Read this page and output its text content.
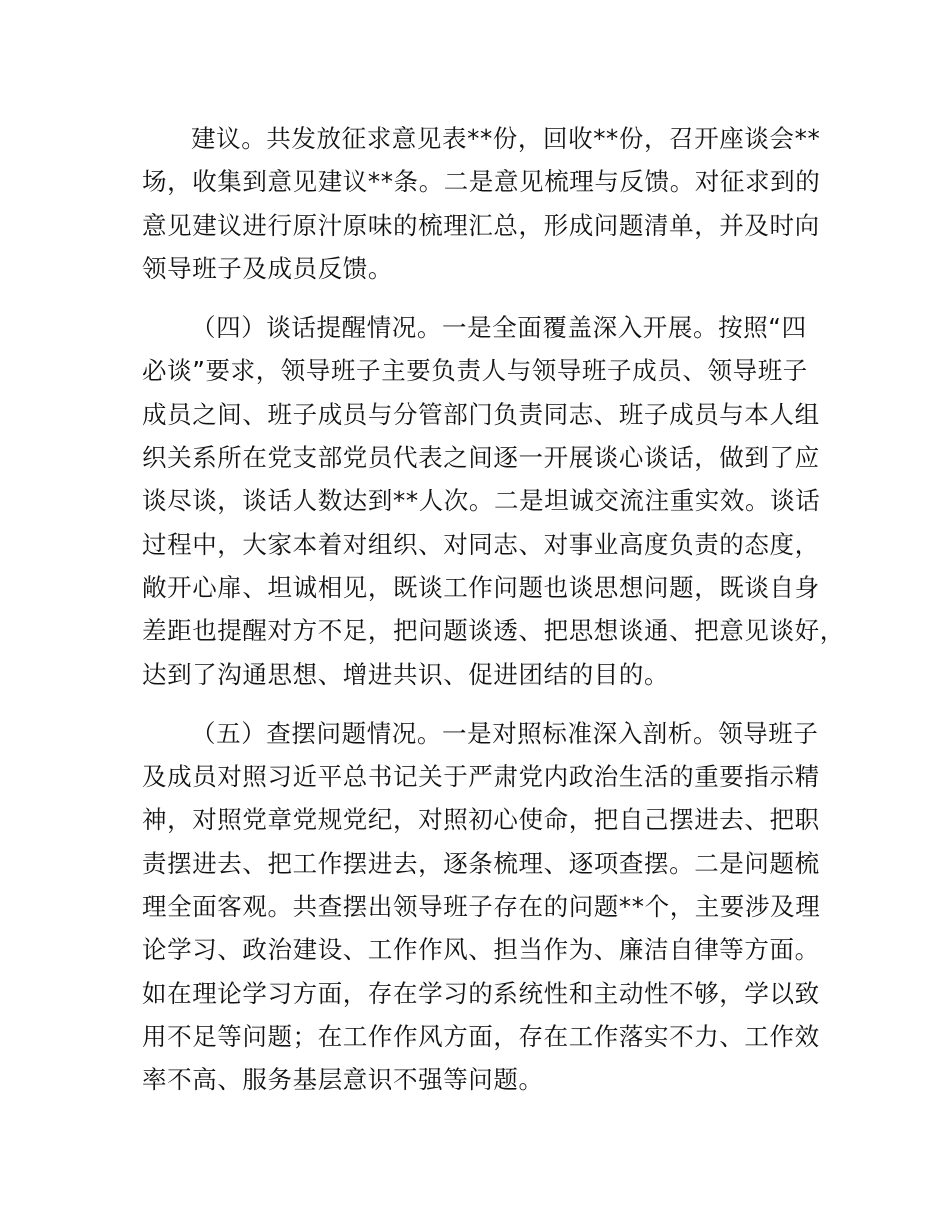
建议。共发放征求意见表**份，回收**份，召开座谈会**
场，收集到意见建议**条。二是意见梳理与反馈。对征求到的
意见建议进行原汁原味的梳理汇总，形成问题清单，并及时向
领导班子及成员反馈。
（四）谈话提醒情况。一是全面覆盖深入开展。按照“四
必谈”要求，领导班子主要负责人与领导班子成员、领导班子
成员之间、班子成员与分管部门负责同志、班子成员与本人组
织关系所在党支部党员代表之间逐一开展谈心谈话，做到了应
谈尽谈，谈话人数达到**人次。二是坦诚交流注重实效。谈话
过程中，大家本着对组织、对同志、对事业高度负责的态度，
敞开心扉、坦诚相见，既谈工作问题也谈思想问题，既谈自身
差距也提醒对方不足，把问题谈透、把思想谈通、把意见谈好，
达到了沟通思想、增进共识、促进团结的目的。
（五）查摆问题情况。一是对照标准深入剖析。领导班子
及成员对照习近平总书记关于严肃党内政治生活的重要指示精
神，对照党章党规党纪，对照初心使命，把自己摆进去、把职
责摆进去、把工作摆进去，逐条梳理、逐项查摆。二是问题梳
理全面客观。共查摆出领导班子存在的问题**个，主要涉及理
论学习、政治建设、工作作风、担当作为、廉洁自律等方面。
如在理论学习方面，存在学习的系统性和主动性不够，学以致
用不足等问题；在工作作风方面，存在工作落实不力、工作效
率不高、服务基层意识不强等问题。
